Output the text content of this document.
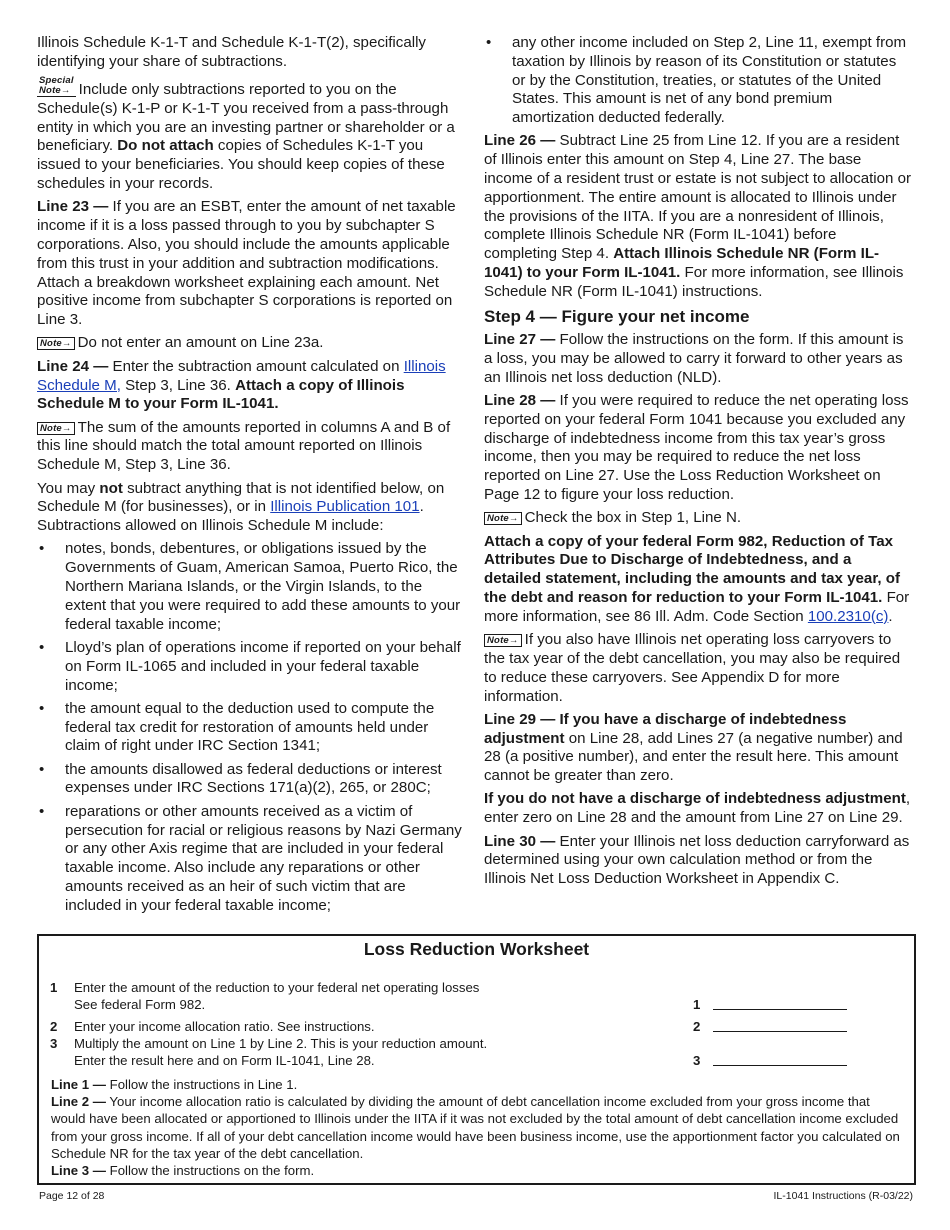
Illinois Schedule K-1-T and Schedule K-1-T(2), specifically identifying your share of subtractions.

Special
Note→ Include only subtractions reported to you on the Schedule(s) K-1-P or K-1-T you received from a pass-through entity in which you are an investing partner or shareholder or a beneficiary. Do not attach copies of Schedules K-1-T you issued to your beneficiaries. You should keep copies of these schedules in your records.

Line 23 — If you are an ESBT, enter the amount of net taxable income if it is a loss passed through to you by subchapter S corporations. Also, you should include the amounts applicable from this trust in your addition and subtraction modifications. Attach a breakdown worksheet explaining each amount. Net positive income from subchapter S corporations is reported on Line 3.

Note→ Do not enter an amount on Line 23a.

Line 24 — Enter the subtraction amount calculated on Illinois Schedule M, Step 3, Line 36. Attach a copy of Illinois Schedule M to your Form IL-1041.

Note→ The sum of the amounts reported in columns A and B of this line should match the total amount reported on Illinois Schedule M, Step 3, Line 36.

You may not subtract anything that is not identified below, on Schedule M (for businesses), or in Illinois Publication 101. Subtractions allowed on Illinois Schedule M include:

• notes, bonds, debentures, or obligations issued by the Governments of Guam, American Samoa, Puerto Rico, the Northern Mariana Islands, or the Virgin Islands, to the extent that you were required to add these amounts to your federal taxable income;
• Lloyd’s plan of operations income if reported on your behalf on Form IL-1065 and included in your federal taxable income;
• the amount equal to the deduction used to compute the federal tax credit for restoration of amounts held under claim of right under IRC Section 1341;
• the amounts disallowed as federal deductions or interest expenses under IRC Sections 171(a)(2), 265, or 280C;
• reparations or other amounts received as a victim of persecution for racial or religious reasons by Nazi Germany or any other Axis regime that are included in your federal taxable income. Also include any reparations or other amounts received as an heir of such victim that are included in your federal taxable income;
• any other income included on Step 2, Line 11, exempt from taxation by Illinois by reason of its Constitution or statutes or by the Constitution, treaties, or statutes of the United States. This amount is net of any bond premium amortization deducted federally.

Line 26 — Subtract Line 25 from Line 12. If you are a resident of Illinois enter this amount on Step 4, Line 27. The base income of a resident trust or estate is not subject to allocation or apportionment. The entire amount is allocated to Illinois under the provisions of the IITA. If you are a nonresident of Illinois, complete Illinois Schedule NR (Form IL-1041) before completing Step 4. Attach Illinois Schedule NR (Form IL-1041) to your Form IL-1041. For more information, see Illinois Schedule NR (Form IL-1041) instructions.

Step 4 — Figure your net income

Line 27 — Follow the instructions on the form. If this amount is a loss, you may be allowed to carry it forward to other years as an Illinois net loss deduction (NLD).

Line 28 — If you were required to reduce the net operating loss reported on your federal Form 1041 because you excluded any discharge of indebtedness income from this tax year’s gross income, then you may be required to reduce the net loss reported on Line 27. Use the Loss Reduction Worksheet on Page 12 to figure your loss reduction.

Note→ Check the box in Step 1, Line N.

Attach a copy of your federal Form 982, Reduction of Tax Attributes Due to Discharge of Indebtedness, and a detailed statement, including the amounts and tax year, of the debt and reason for reduction to your Form IL-1041. For more information, see 86 Ill. Adm. Code Section 100.2310(c).

Note→ If you also have Illinois net operating loss carryovers to the tax year of the debt cancellation, you may also be required to reduce these carryovers. See Appendix D for more information.

Line 29 — If you have a discharge of indebtedness adjustment on Line 28, add Lines 27 (a negative number) and 28 (a positive number), and enter the result here. This amount cannot be greater than zero.

If you do not have a discharge of indebtedness adjustment, enter zero on Line 28 and the amount from Line 27 on Line 29.

Line 30 — Enter your Illinois net loss deduction carryforward as determined using your own calculation method or from the Illinois Net Loss Deduction Worksheet in Appendix C.

Loss Reduction Worksheet
1 Enter the amount of the reduction to your federal net operating losses
See federal Form 982.
2 Enter your income allocation ratio. See instructions.
3 Multiply the amount on Line 1 by Line 2. This is your reduction amount.
Enter the result here and on Form IL-1041, Line 28.
1
2
3
Line 1 — Follow the instructions in Line 1.
Line 2 — Your income allocation ratio is calculated by dividing the amount of debt cancellation income excluded from your gross income that would have been allocated or apportioned to Illinois under the IITA if it was not excluded by the total amount of debt cancellation income excluded from your gross income. If all of your debt cancellation income would have been business income, use the apportionment factor you calculated on Schedule NR for the tax year of the debt cancellation.
Line 3 — Follow the instructions on the form.
Page 12 of 28	IL-1041 Instructions (R-03/22)
